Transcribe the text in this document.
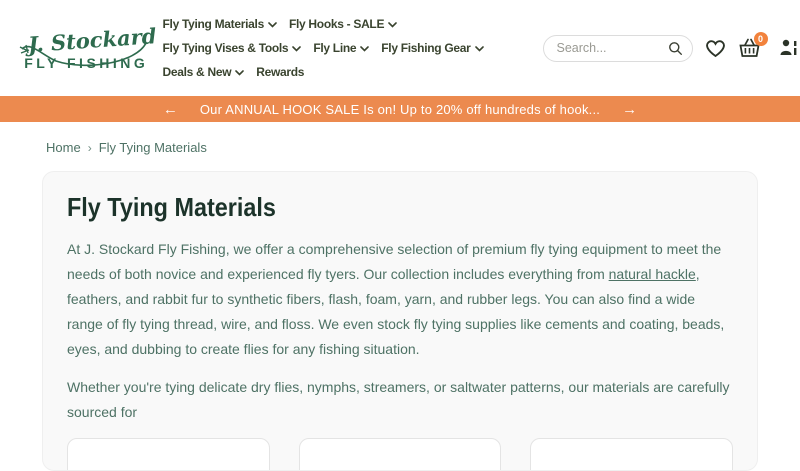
J. Stockard
FLY FISHING
Fly Tying Materials Fly Hooks - SALE
Fly Tying Vises & Tools Fly Line Fly Fishing Gear
Deals & New Rewards
Search...
0
← Our ANNUAL HOOK SALE Is on! Up to 20% off hundreds of hook... →
Home › Fly Tying Materials
Fly Tying Materials

At J. Stockard Fly Fishing, we offer a comprehensive selection of premium fly tying equipment to meet the needs of both novice and experienced fly tyers. Our collection includes everything from natural hackle, feathers, and rabbit fur to synthetic fibers, flash, foam, yarn, and rubber legs. You can also find a wide range of fly tying thread, wire, and floss. We even stock fly tying supplies like cements and coating, beads, eyes, and dubbing to create flies for any fishing situation.

Whether you're tying delicate dry flies, nymphs, streamers, or saltwater patterns, our materials are carefully sourced for
